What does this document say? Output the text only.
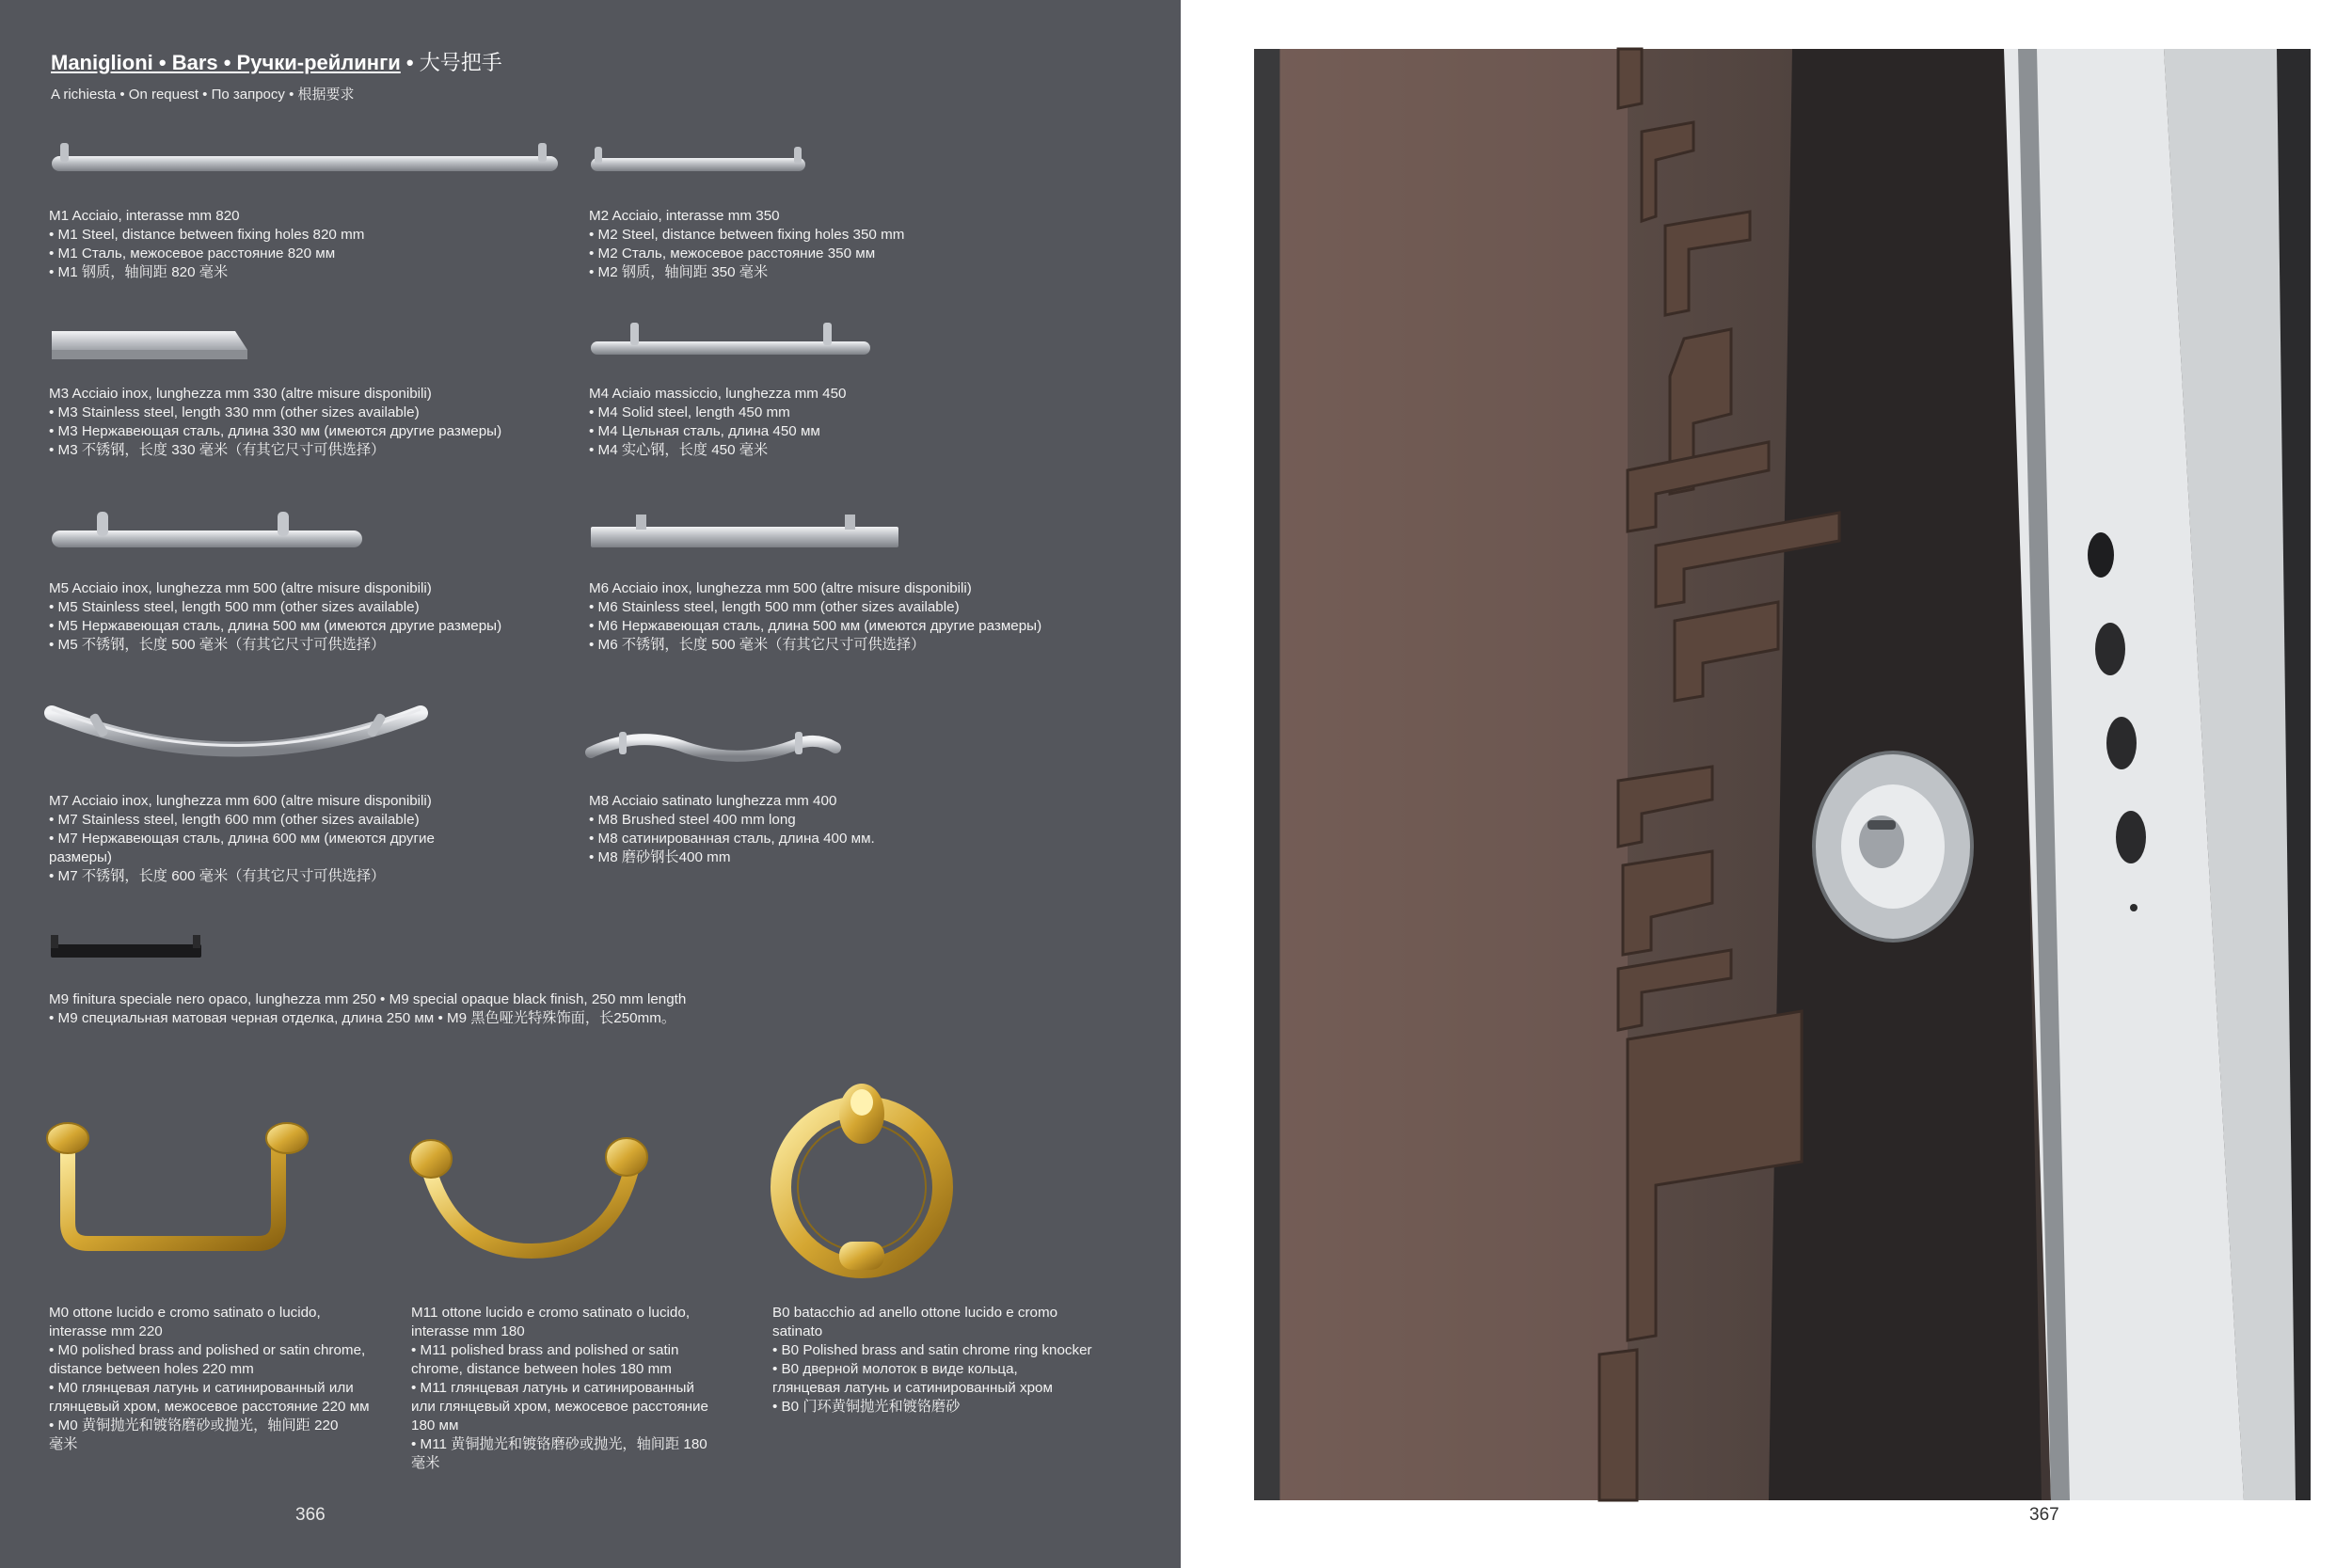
Maniglioni • Bars • Ручки-рейлинги • 大号把手
A richiesta • On request • По запросу • 根据要求
M1 Acciaio, interasse mm 820
• M1 Steel, distance between fixing holes 820 mm
• M1 Сталь, межосевое расстояние 820 мм
• M1 钢质，轴间距 820 毫米
M2 Acciaio, interasse mm 350
• M2 Steel, distance between fixing holes 350 mm
• M2 Сталь, межосевое расстояние 350 мм
• M2 钢质，轴间距 350 毫米
M3 Acciaio inox, lunghezza mm 330 (altre misure disponibili)
• M3 Stainless steel, length 330 mm (other sizes available)
• M3 Нержавеющая сталь, длина 330 мм (имеются другие размеры)
• M3 不锈钢，长度 330 毫米（有其它尺寸可供选择）
M4 Aciaio massiccio, lunghezza mm 450
• M4 Solid steel, length 450 mm
• M4 Цельная сталь, длина 450 мм
• M4 实心钢，长度 450 毫米
M5 Acciaio inox, lunghezza mm 500 (altre misure disponibili)
• M5 Stainless steel, length 500 mm (other sizes available)
• M5 Нержавеющая сталь, длина 500 мм (имеются другие размеры)
• M5 不锈钢，长度 500 毫米（有其它尺寸可供选择）
M6 Acciaio inox, lunghezza mm 500 (altre misure disponibili)
• M6 Stainless steel, length 500 mm (other sizes available)
• M6 Нержавеющая сталь, длина 500 мм (имеются другие размеры)
• M6 不锈钢，长度 500 毫米（有其它尺寸可供选择）
M7 Acciaio inox, lunghezza mm 600 (altre misure disponibili)
• M7 Stainless steel, length 600 mm (other sizes available)
• M7 Нержавеющая сталь, длина 600 мм (имеются другие
размеры)
• M7 不锈钢，长度 600 毫米（有其它尺寸可供选择）
M8 Acciaio satinato lunghezza mm 400
• M8 Brushed steel 400 mm long
• M8 сатинированная сталь, длина 400 мм.
• M8 磨砂钢长400 mm
M9 finitura speciale nero opaco, lunghezza mm 250 • M9 special opaque black finish, 250 mm length
• M9 специальная матовая черная отделка, длина 250 мм • M9 黑色哑光特殊饰面，长250mm。
M0 ottone lucido e cromo satinato o lucido,
interasse mm 220
• M0 polished brass and polished or satin chrome,
distance between holes 220 mm
• M0 глянцевая латунь и сатинированный или
глянцевый хром, межосевое расстояние 220 мм
• M0 黄铜抛光和镀铬磨砂或抛光，轴间距 220
毫米
M11 ottone lucido e cromo satinato o lucido,
interasse mm 180
• M11 polished brass and polished or satin
chrome, distance between holes 180 mm
• M11 глянцевая латунь и сатинированный
или глянцевый хром, межосевое расстояние
180 мм
• M11 黄铜抛光和镀铬磨砂或抛光，轴间距 180
毫米
B0 batacchio ad anello ottone lucido e cromo
satinato
• B0 Polished brass and satin chrome ring knocker
• B0 дверной молоток в виде кольца,
глянцевая латунь и сатинированный хром
• B0 门环黄铜抛光和镀铬磨砂
366	367
